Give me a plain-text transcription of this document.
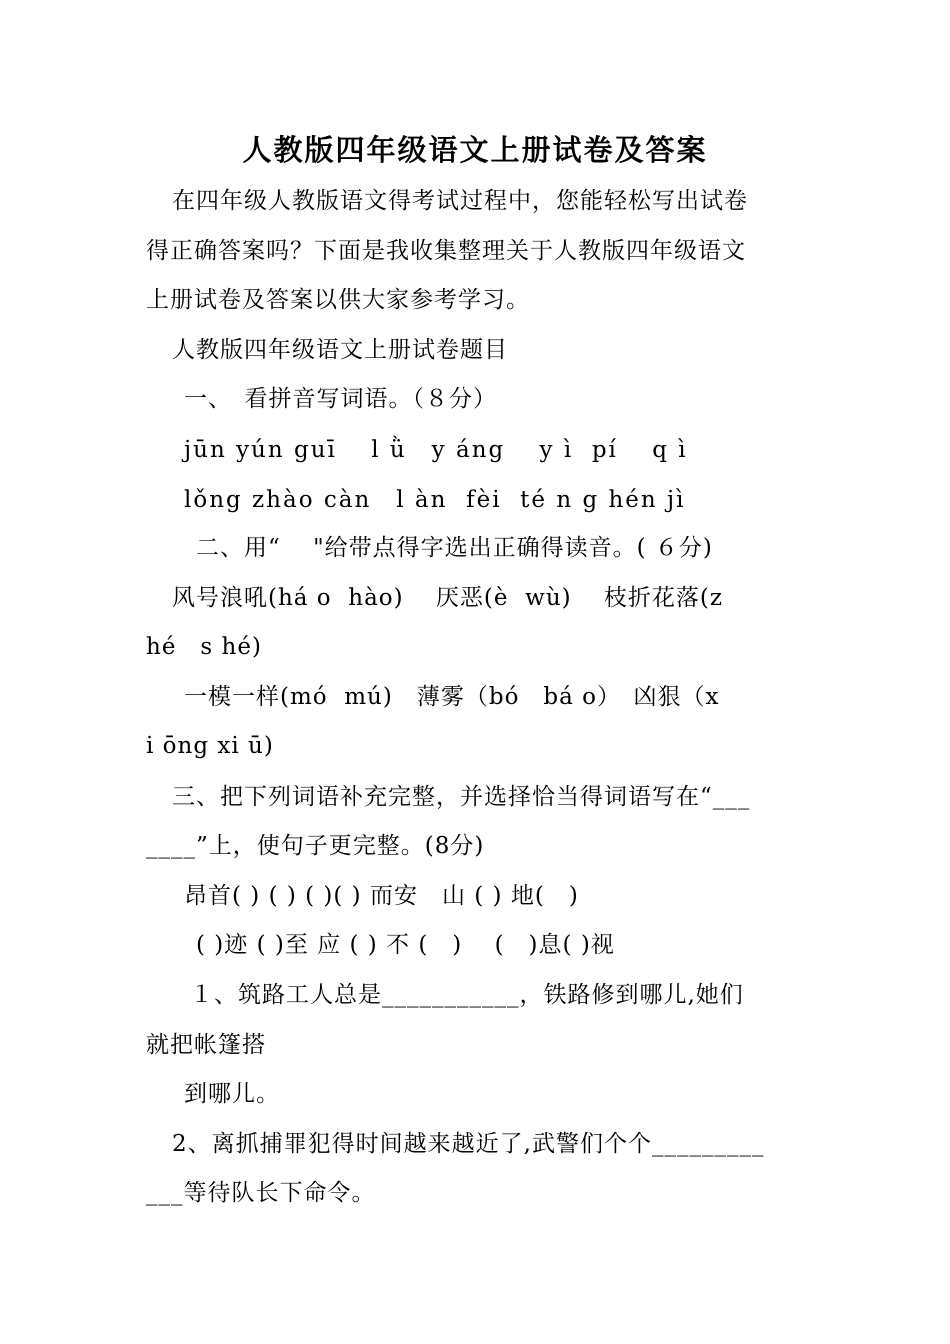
人教版四年级语文上册试卷及答案
在四年级人教版语文得考试过程中，您能轻松写出试卷
得正确答案吗？下面是我收集整理关于人教版四年级语文
上册试卷及答案以供大家参考学习。
人教版四年级语文上册试卷题目
一、　看拼音写词语。（８分）
jūn yún guī　 l ǜ　y áng　 y ì  pí　 q ì
lǒng zhào càn　l àn  fèi  té n g hén jì
二、用“　 "给带点得字选出正确得读音。( ６分)
风号浪吼(há o  hào)　 厌恶(è  wù)　 枝折花落(z
hé　s hé)
一模一样(mó  mú)　薄雾（bó　bá o）　凶狠（x
i ōng xi ū)
三、把下列词语补充完整，并选择恰当得词语写在“___
____”上，使句子更完整。(8分)
昂首( ) ( ) ( )( ) 而安　山 ( ) 地(　)
( )迹 ( )至 应 ( ) 不 (　)　 (　)息( )视
１、筑路工人总是___________，铁路修到哪儿,她们
就把帐篷搭
到哪儿。
2、离抓捕罪犯得时间越来越近了,武警们个个_________
___等待队长下命令。
